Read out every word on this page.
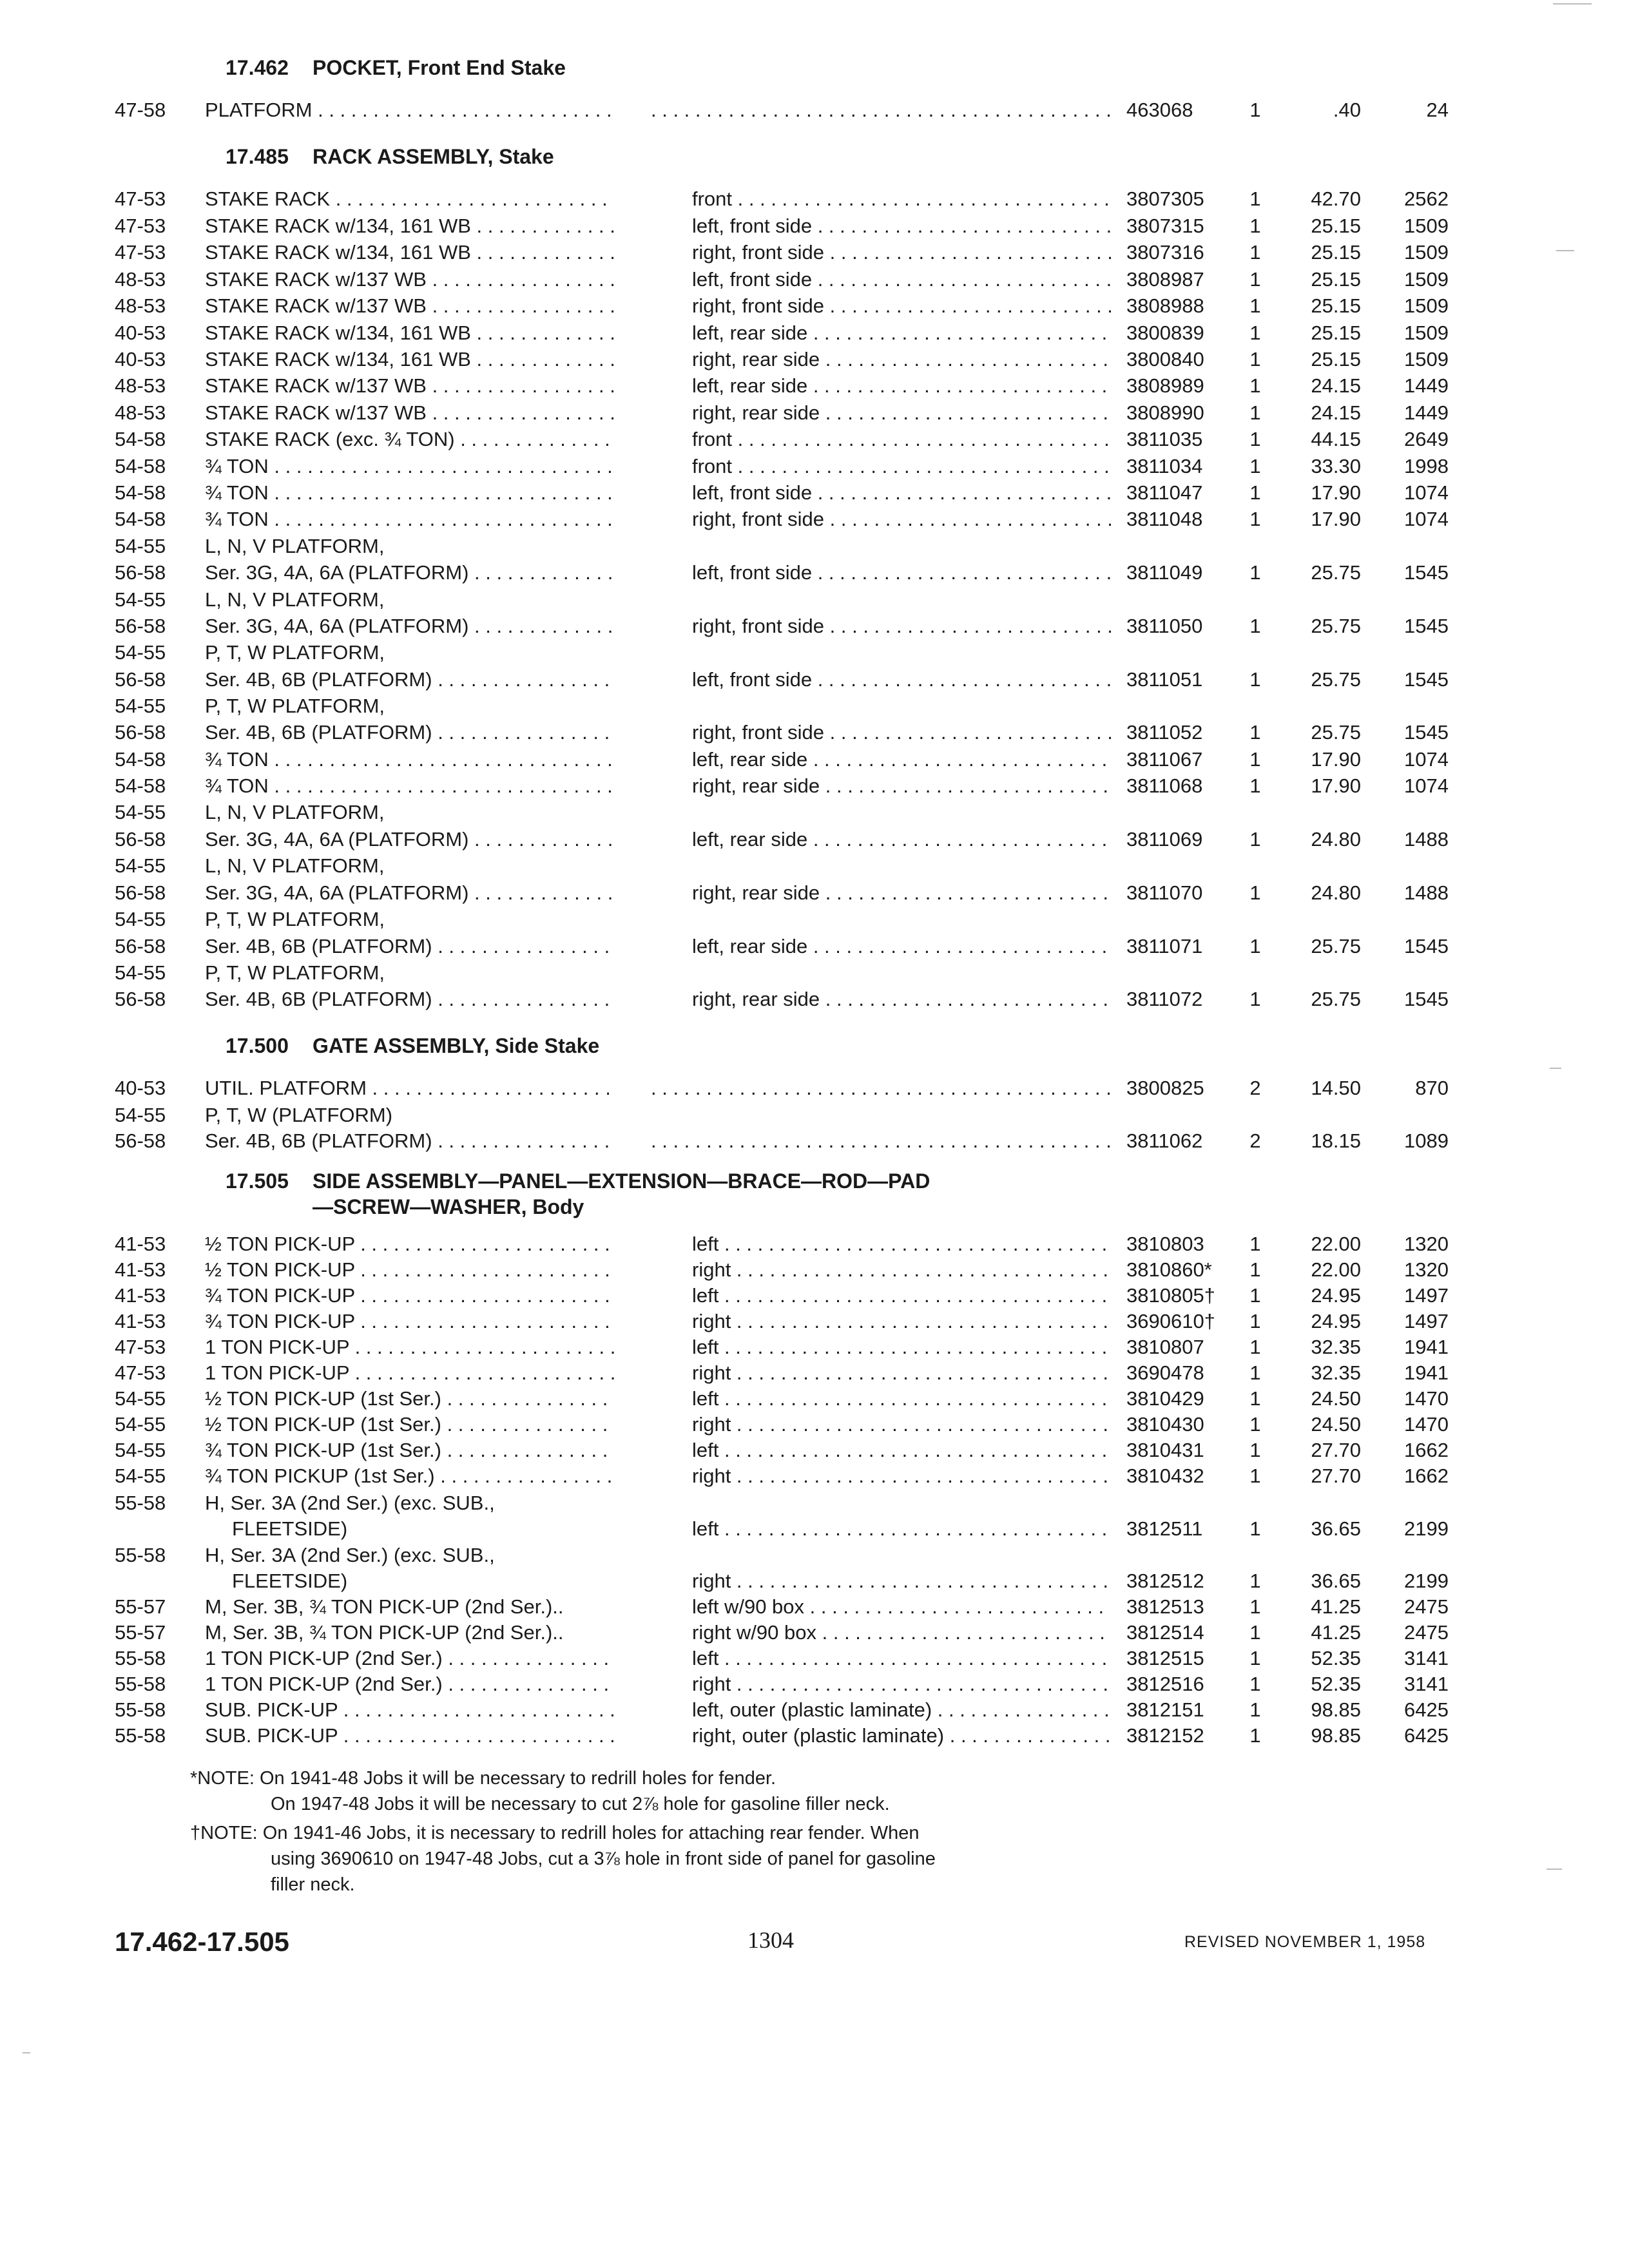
17.462 POCKET, Front End Stake
47-58	PLATFORM . . . . . .	463068	1	.40	24
17.485 RACK ASSEMBLY, Stake
47-53	STAKE RACK . . .	front . . .	3807305	1	42.70	2562
47-53	STAKE RACK w/134, 161 WB . . .	left, front side . . .	3807315	1	25.15	1509
47-53	STAKE RACK w/134, 161 WB . . .	right, front side . . .	3807316	1	25.15	1509
48-53	STAKE RACK w/137 WB . . .	left, front side . . .	3808987	1	25.15	1509
48-53	STAKE RACK w/137 WB . . .	right, front side . . .	3808988	1	25.15	1509
40-53	STAKE RACK w/134, 161 WB . . .	left, rear side . . .	3800839	1	25.15	1509
40-53	STAKE RACK w/134, 161 WB . . .	right, rear side . . .	3800840	1	25.15	1509
48-53	STAKE RACK w/137 WB . . .	left, rear side . . .	3808989	1	24.15	1449
48-53	STAKE RACK w/137 WB . . .	right, rear side . . .	3808990	1	24.15	1449
54-58	STAKE RACK (exc. ¾ TON) . . .	front . . .	3811035	1	44.15	2649
54-58	¾ TON . . .	front . . .	3811034	1	33.30	1998
54-58	¾ TON . . .	left, front side . . .	3811047	1	17.90	1074
54-58	¾ TON . . .	right, front side . . .	3811048	1	17.90	1074
54-55	L, N, V PLATFORM,
56-58	Ser. 3G, 4A, 6A (PLATFORM) . . .	left, front side . . .	3811049	1	25.75	1545
54-55	L, N, V PLATFORM,
56-58	Ser. 3G, 4A, 6A (PLATFORM) . . .	right, front side . . .	3811050	1	25.75	1545
54-55	P, T, W PLATFORM,
56-58	Ser. 4B, 6B (PLATFORM) . . .	left, front side . . .	3811051	1	25.75	1545
54-55	P, T, W PLATFORM,
56-58	Ser. 4B, 6B (PLATFORM) . . .	right, front side . . .	3811052	1	25.75	1545
54-58	¾ TON . . .	left, rear side . . .	3811067	1	17.90	1074
54-58	¾ TON . . .	right, rear side . . .	3811068	1	17.90	1074
54-55	L, N, V PLATFORM,
56-58	Ser. 3G, 4A, 6A (PLATFORM) . . .	left, rear side . . .	3811069	1	24.80	1488
54-55	L, N, V PLATFORM,
56-58	Ser. 3G, 4A, 6A (PLATFORM) . . .	right, rear side . . .	3811070	1	24.80	1488
54-55	P, T, W PLATFORM,
56-58	Ser. 4B, 6B (PLATFORM) . . .	left, rear side . . .	3811071	1	25.75	1545
54-55	P, T, W PLATFORM,
56-58	Ser. 4B, 6B (PLATFORM) . . .	right, rear side . . .	3811072	1	25.75	1545
17.500 GATE ASSEMBLY, Side Stake
40-53	UTIL. PLATFORM . . . . . .	3800825	2	14.50	870
54-55	P, T, W (PLATFORM)
56-58	Ser. 4B, 6B (PLATFORM) . . . . . .	3811062	2	18.15	1089
17.505 SIDE ASSEMBLY—PANEL—EXTENSION—BRACE—ROD—PAD
—SCREW—WASHER, Body
41-53	½ TON PICK-UP . . .	left . . .	3810803	1	22.00	1320
41-53	½ TON PICK-UP . . .	right . . .	3810860*	1	22.00	1320
41-53	¾ TON PICK-UP . . .	left . . .	3810805†	1	24.95	1497
41-53	¾ TON PICK-UP . . .	right . . .	3690610†	1	24.95	1497
47-53	1 TON PICK-UP . . .	left . . .	3810807	1	32.35	1941
47-53	1 TON PICK-UP . . .	right . . .	3690478	1	32.35	1941
54-55	½ TON PICK-UP (1st Ser.) . . .	left . . .	3810429	1	24.50	1470
54-55	½ TON PICK-UP (1st Ser.) . . .	right . . .	3810430	1	24.50	1470
54-55	¾ TON PICK-UP (1st Ser.) . . .	left . . .	3810431	1	27.70	1662
54-55	¾ TON PICKUP (1st Ser.) . . .	right . . .	3810432	1	27.70	1662
55-58	H, Ser. 3A (2nd Ser.) (exc. SUB.,
FLEETSIDE)	left . . .	3812511	1	36.65	2199
55-58	H, Ser. 3A (2nd Ser.) (exc. SUB.,
FLEETSIDE)	right . . .	3812512	1	36.65	2199
55-57	M, Ser. 3B, ¾ TON PICK-UP (2nd Ser.)..	left w/90 box . . .	3812513	1	41.25	2475
55-57	M, Ser. 3B, ¾ TON PICK-UP (2nd Ser.)..	right w/90 box . . .	3812514	1	41.25	2475
55-58	1 TON PICK-UP (2nd Ser.) . . .	left . . .	3812515	1	52.35	3141
55-58	1 TON PICK-UP (2nd Ser.) . . .	right . . .	3812516	1	52.35	3141
55-58	SUB. PICK-UP . . .	left, outer (plastic laminate) . . .	3812151	1	98.85	6425
55-58	SUB. PICK-UP . . .	right, outer (plastic laminate) . . .	3812152	1	98.85	6425
*NOTE: On 1941-48 Jobs it will be necessary to redrill holes for fender.
On 1947-48 Jobs it will be necessary to cut 2⅞ hole for gasoline filler neck.
†NOTE: On 1941-46 Jobs, it is necessary to redrill holes for attaching rear fender. When
using 3690610 on 1947-48 Jobs, cut a 3⅞ hole in front side of panel for gasoline
filler neck.
17.462-17.505	1304	REVISED NOVEMBER 1, 1958
